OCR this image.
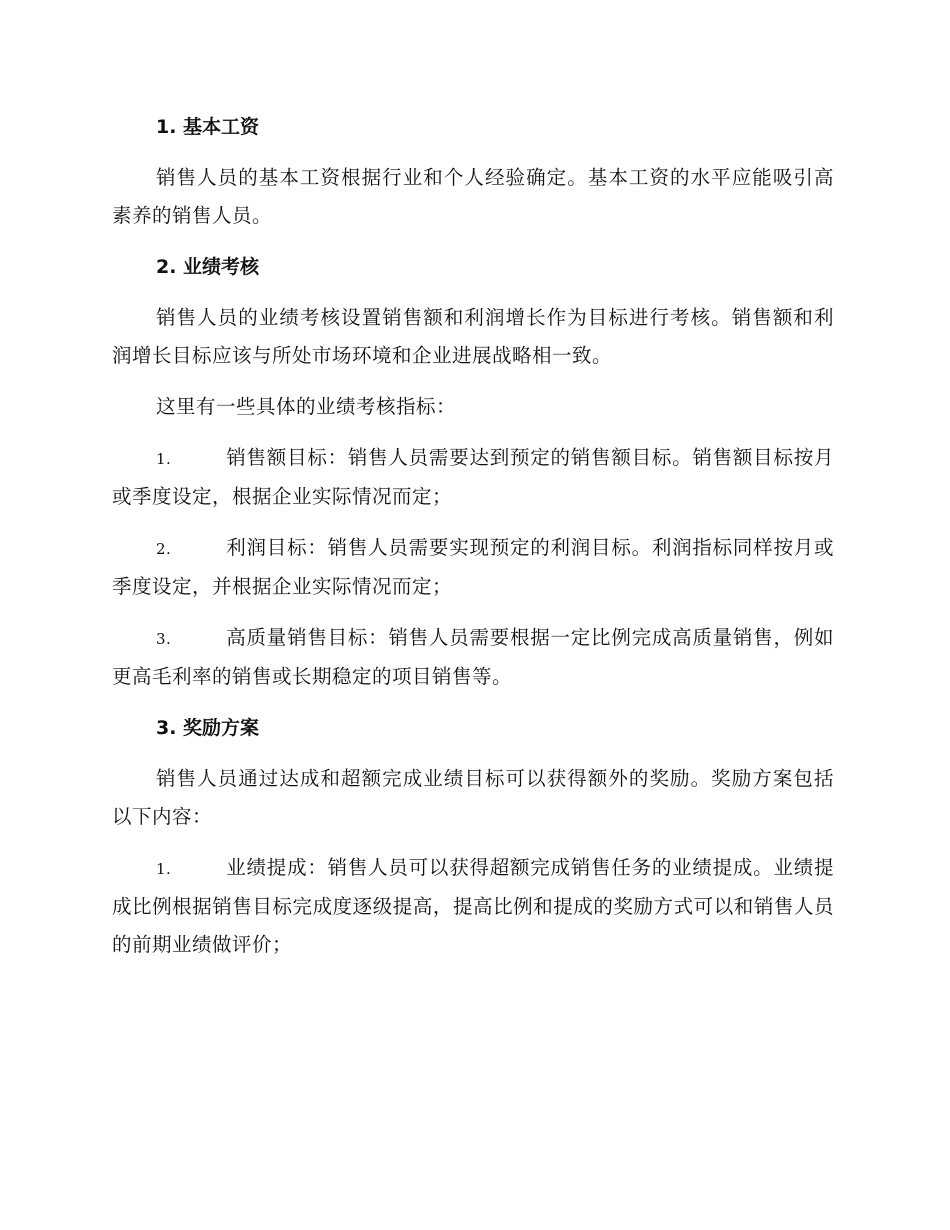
1. 基本工资

销售人员的基本工资根据行业和个人经验确定。基本工资的水平应能吸引高素养的销售人员。

2. 业绩考核

销售人员的业绩考核设置销售额和利润增长作为目标进行考核。销售额和利润增长目标应该与所处市场环境和企业进展战略相一致。

这里有一些具体的业绩考核指标：

1.	销售额目标：销售人员需要达到预定的销售额目标。销售额目标按月或季度设定，根据企业实际情况而定；
2.	利润目标：销售人员需要实现预定的利润目标。利润指标同样按月或季度设定，并根据企业实际情况而定；
3.	高质量销售目标：销售人员需要根据一定比例完成高质量销售，例如更高毛利率的销售或长期稳定的项目销售等。
3. 奖励方案

销售人员通过达成和超额完成业绩目标可以获得额外的奖励。奖励方案包括以下内容：

1.	业绩提成：销售人员可以获得超额完成销售任务的业绩提成。业绩提成比例根据销售目标完成度逐级提高，提高比例和提成的奖励方式可以和销售人员的前期业绩做评价；
